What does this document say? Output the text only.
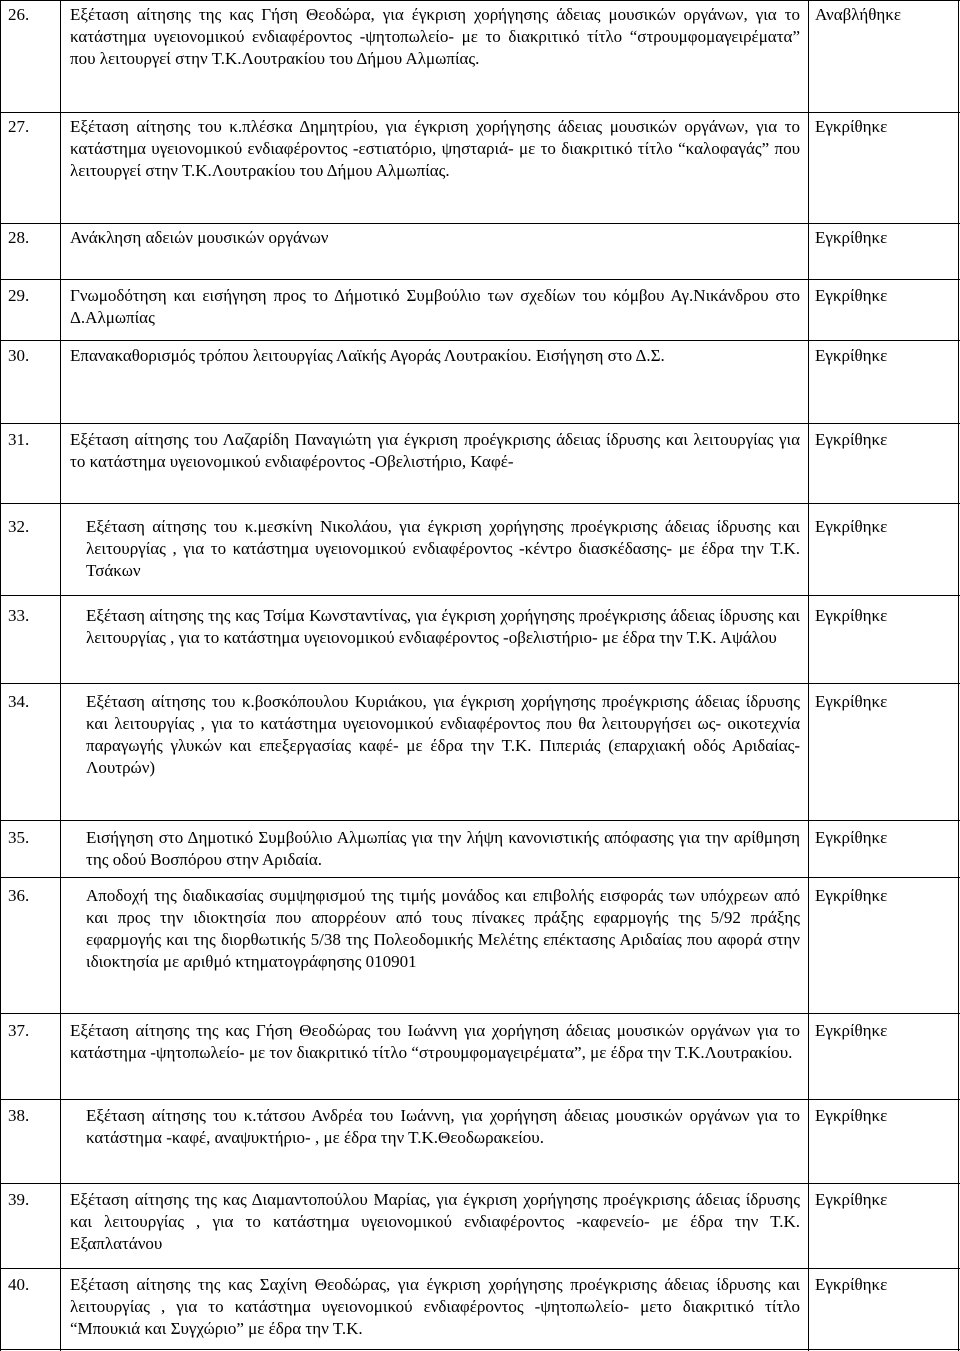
26. Εξέταση αίτησης της κας Γήση Θεοδώρα, για έγκριση χορήγησης άδειας μουσικών οργάνων, για το κατάστημα υγειονομικού ενδιαφέροντος -ψητοπωλείο- με το διακριτικό τίτλο “στρουμφομαγειρέματα” που λειτουργεί στην Τ.Κ.Λουτρακίου του Δήμου Αλμωπίας.
Αναβλήθηκε
27. Εξέταση αίτησης του κ.πλέσκα Δημητρίου, για έγκριση χορήγησης άδειας μουσικών οργάνων, για το κατάστημα υγειονομικού ενδιαφέροντος -εστιατόριο, ψησταριά- με το διακριτικό τίτλο “καλοφαγάς” που λειτουργεί στην Τ.Κ.Λουτρακίου του Δήμου Αλμωπίας.
Εγκρίθηκε
28. Ανάκληση αδειών μουσικών οργάνων	Εγκρίθηκε
29. Γνωμοδότηση και εισήγηση προς το Δήμοτικό Συμβούλιο των σχεδίων του κόμβου Αγ.Νικάνδρου στο Δ.Αλμωπίας
Εγκρίθηκε
30. Επανακαθορισμός τρόπου λειτουργίας Λαϊκής Αγοράς Λουτρακίου. Εισήγηση στο Δ.Σ.	Εγκρίθηκε
31. Εξέταση αίτησης του Λαζαρίδη Παναγιώτη για έγκριση προέγκρισης άδειας ίδρυσης και λειτουργίας για το κατάστημα υγειονομικού ενδιαφέροντος -Οβελιστήριο, Καφέ-
Εγκρίθηκε
32.	Εξέταση αίτησης του κ.μεσκίνη Νικολάου, για έγκριση χορήγησης προέγκρισης άδειας ίδρυσης και λειτουργίας , για το κατάστημα υγειονομικού ενδιαφέροντος -κέντρο διασκέδασης- με έδρα την Τ.Κ. Τσάκων
Εγκρίθηκε
33.	Εξέταση αίτησης της κας Τσίμα Κωνσταντίνας, για έγκριση χορήγησης προέγκρισης άδειας ίδρυσης και λειτουργίας , για το κατάστημα υγειονομικού ενδιαφέροντος -οβελιστήριο- με έδρα την Τ.Κ. Αψάλου
Εγκρίθηκε
34.	Εξέταση αίτησης του κ.βοσκόπουλου Κυριάκου, για έγκριση χορήγησης προέγκρισης άδειας ίδρυσης και λειτουργίας , για το κατάστημα υγειονομικού ενδιαφέροντος που θα λειτουργήσει ως- οικοτεχνία παραγωγής γλυκών και επεξεργασίας καφέ- με έδρα την Τ.Κ. Πιπεριάς (επαρχιακή οδός Αριδαίας-Λουτρών)
Εγκρίθηκε
35.	Εισήγηση στο Δημοτικό Συμβούλιο Αλμωπίας για την λήψη κανονιστικής απόφασης για την αρίθμηση της οδού Βοσπόρου στην Αριδαία.
Εγκρίθηκε
36.	Αποδοχή της διαδικασίας συμψηφισμού της τιμής μονάδος και επιβολής εισφοράς των υπόχρεων από και προς την ιδιοκτησία που απορρέουν από τους πίνακες πράξης εφαρμογής της 5/92 πράξης εφαρμογής και της διορθωτικής 5/38 της Πολεοδομικής Μελέτης επέκτασης Αριδαίας που αφορά στην ιδιοκτησία με αριθμό κτηματογράφησης 010901
Εγκρίθηκε
37. Εξέταση αίτησης της κας Γήση Θεοδώρας του Ιωάννη για χορήγηση άδειας μουσικών οργάνων για το κατάστημα -ψητοπωλείο- με τον διακριτικό τίτλο “στρουμφομαγειρέματα”, με έδρα την Τ.Κ.Λουτρακίου.
Εγκρίθηκε
38.	Εξέταση αίτησης του κ.τάτσου Ανδρέα του Ιωάννη, για χορήγηση άδειας μουσικών οργάνων για το κατάστημα -καφέ, αναψυκτήριο- , με έδρα την Τ.Κ.Θεοδωρακείου.
Εγκρίθηκε
39. Εξέταση αίτησης της κας Διαμαντοπούλου Μαρίας, για έγκριση χορήγησης προέγκρισης άδειας ίδρυσης και λειτουργίας , για το κατάστημα υγειονομικού ενδιαφέροντος -καφενείο- με έδρα την Τ.Κ. Εξαπλατάνου
Εγκρίθηκε
40. Εξέταση αίτησης της κας Σαχίνη Θεοδώρας, για έγκριση χορήγησης προέγκρισης άδειας ίδρυσης και λειτουργίας , για το κατάστημα υγειονομικού ενδιαφέροντος -ψητοπωλείο- μετο διακριτικό τίτλο “Μπουκιά και Συγχώριο” με έδρα την Τ.Κ.
Εγκρίθηκε
